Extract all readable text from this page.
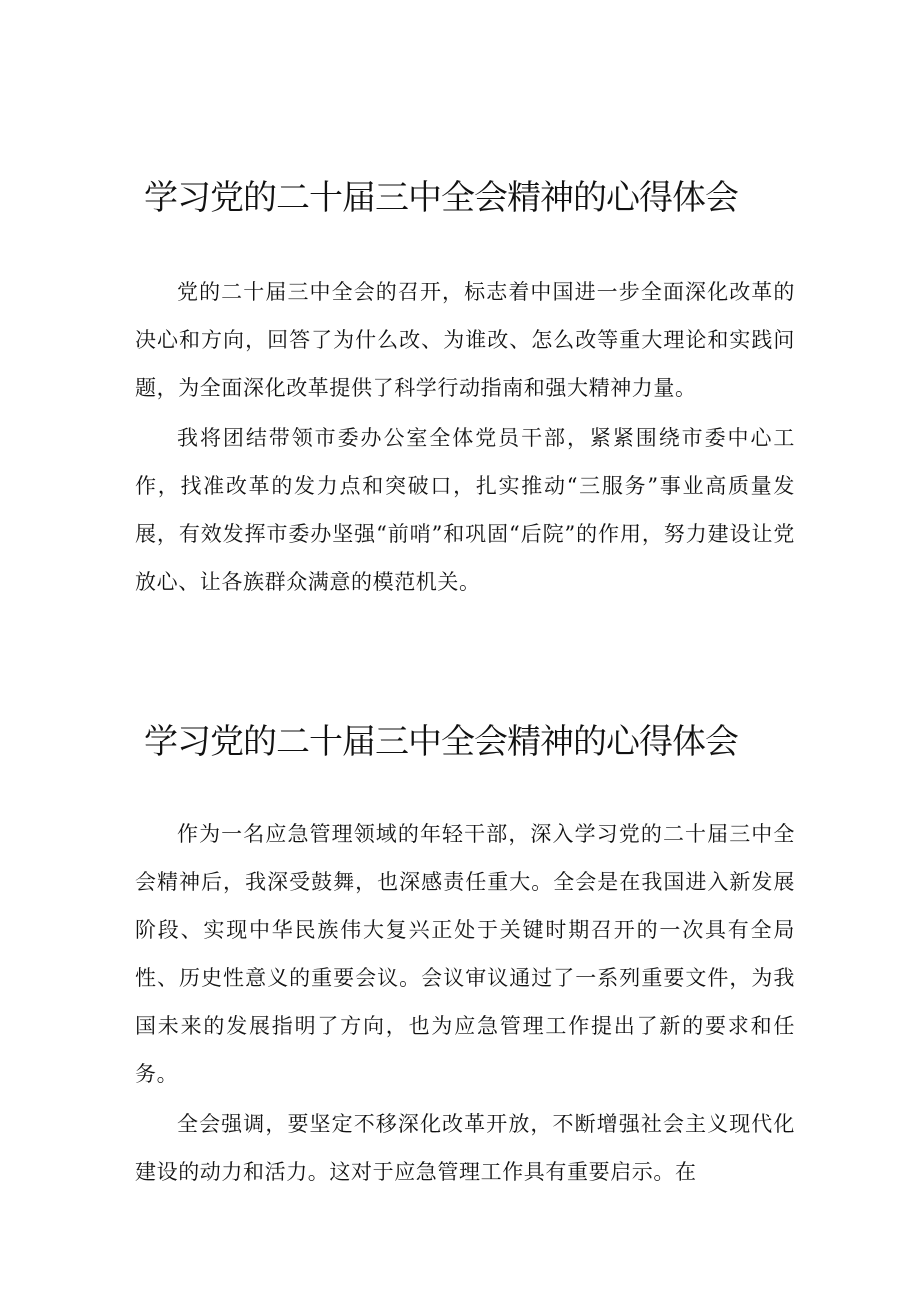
学习党的二十届三中全会精神的心得体会

党的二十届三中全会的召开，标志着中国进一步全面深化改革的决心和方向，回答了为什么改、为谁改、怎么改等重大理论和实践问题，为全面深化改革提供了科学行动指南和强大精神力量。

我将团结带领市委办公室全体党员干部，紧紧围绕市委中心工作，找准改革的发力点和突破口，扎实推动“三服务”事业高质量发展，有效发挥市委办坚强“前哨”和巩固“后院”的作用，努力建设让党放心、让各族群众满意的模范机关。

学习党的二十届三中全会精神的心得体会

作为一名应急管理领域的年轻干部，深入学习党的二十届三中全会精神后，我深受鼓舞，也深感责任重大。全会是在我国进入新发展阶段、实现中华民族伟大复兴正处于关键时期召开的一次具有全局性、历史性意义的重要会议。会议审议通过了一系列重要文件，为我国未来的发展指明了方向，也为应急管理工作提出了新的要求和任务。

全会强调，要坚定不移深化改革开放，不断增强社会主义现代化建设的动力和活力。这对于应急管理工作具有重要启示。在
